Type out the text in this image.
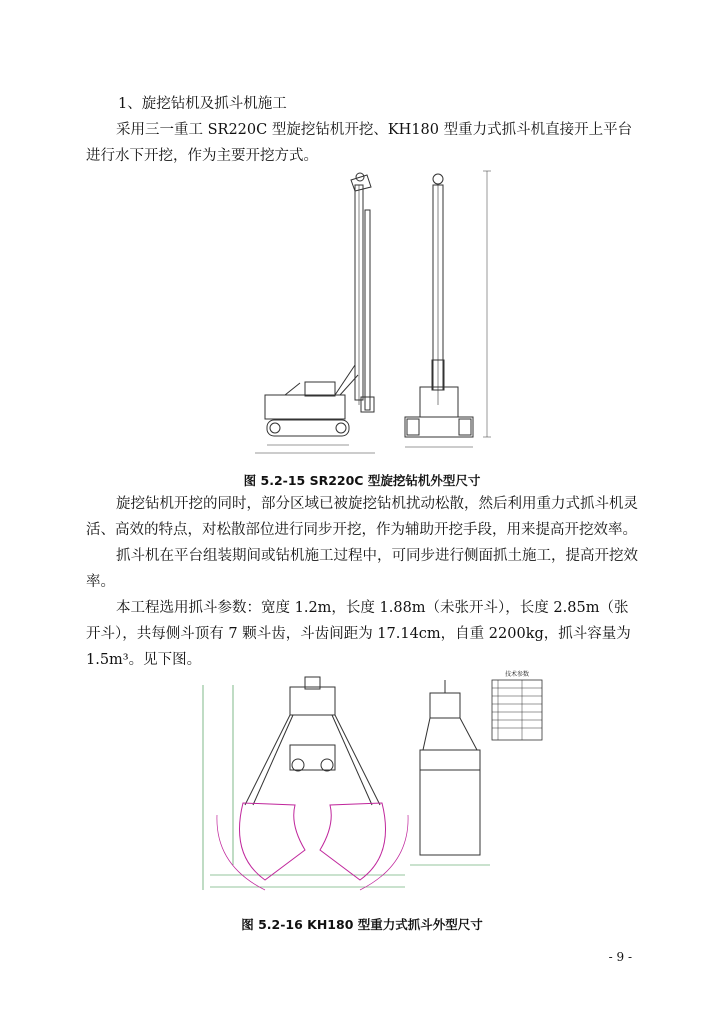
1、旋挖钻机及抓斗机施工

采用三一重工 SR220C 型旋挖钻机开挖、KH180 型重力式抓斗机直接开上平台进行水下开挖，作为主要开挖方式。

图 5.2-15 SR220C 型旋挖钻机外型尺寸

旋挖钻机开挖的同时，部分区域已被旋挖钻机扰动松散，然后利用重力式抓斗机灵活、高效的特点，对松散部位进行同步开挖，作为辅助开挖手段，用来提高开挖效率。

抓斗机在平台组装期间或钻机施工过程中，可同步进行侧面抓土施工，提高开挖效率。

本工程选用抓斗参数：宽度 1.2m，长度 1.88m（未张开斗），长度 2.85m（张开斗），共每侧斗顶有 7 颗斗齿，斗齿间距为 17.14cm，自重 2200kg，抓斗容量为 1.5m³。见下图。

技术参数
图 5.2-16 KH180 型重力式抓斗外型尺寸
- 9 -
